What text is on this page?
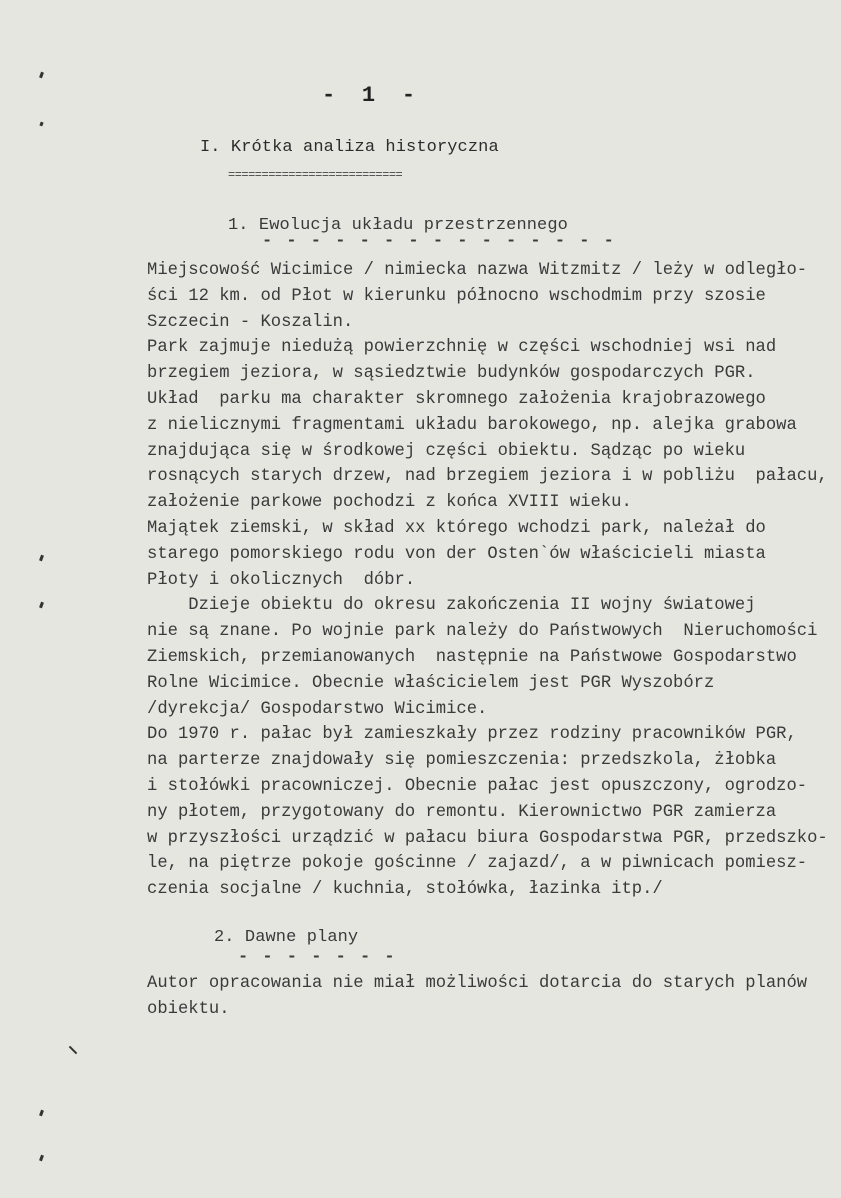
-  1  -
I. Krótka analiza historyczna
==========================
1. Ewolucja układu przestrzennego
- - - - - - - - - - - - - - -
Miejscowość Wicimice / nimiecka nazwa Witzmitz / leży w odległo-
ści 12 km. od Płot w kierunku północno wschodmim przy szosie
Szczecin - Koszalin.
Park zajmuje niedużą powierzchnię w części wschodniej wsi nad
brzegiem jeziora, w sąsiedztwie budynków gospodarczych PGR.
Układ  parku ma charakter skromnego założenia krajobrazowego
z nielicznymi fragmentami układu barokowego, np. alejka grabowa
znajdująca się w środkowej części obiektu. Sądząc po wieku
rosnących starych drzew, nad brzegiem jeziora i w pobliżu  pałacu,
założenie parkowe pochodzi z końca XVIII wieku.
Majątek ziemski, w skład xx którego wchodzi park, należał do
starego pomorskiego rodu von der Osten`ów właścicieli miasta
Płoty i okolicznych  dóbr.
Dzieje obiektu do okresu zakończenia II wojny światowej
nie są znane. Po wojnie park należy do Państwowych  Nieruchomości
Ziemskich, przemianowanych  następnie na Państwowe Gospodarstwo
Rolne Wicimice. Obecnie właścicielem jest PGR Wyszobórz
/dyrekcja/ Gospodarstwo Wicimice.
Do 1970 r. pałac był zamieszkały przez rodziny pracowników PGR,
na parterze znajdowały się pomieszczenia: przedszkola, żłobka
i stołówki pracowniczej. Obecnie pałac jest opuszczony, ogrodzo-
ny płotem, przygotowany do remontu. Kierownictwo PGR zamierza
w przyszłości urządzić w pałacu biura Gospodarstwa PGR, przedszko-
le, na piętrze pokoje gościnne / zajazd/, a w piwnicach pomiesz-
czenia socjalne / kuchnia, stołówka, łazinka itp./
2. Dawne plany
- - - - - - -
Autor opracowania nie miał możliwości dotarcia do starych planów
obiektu.
